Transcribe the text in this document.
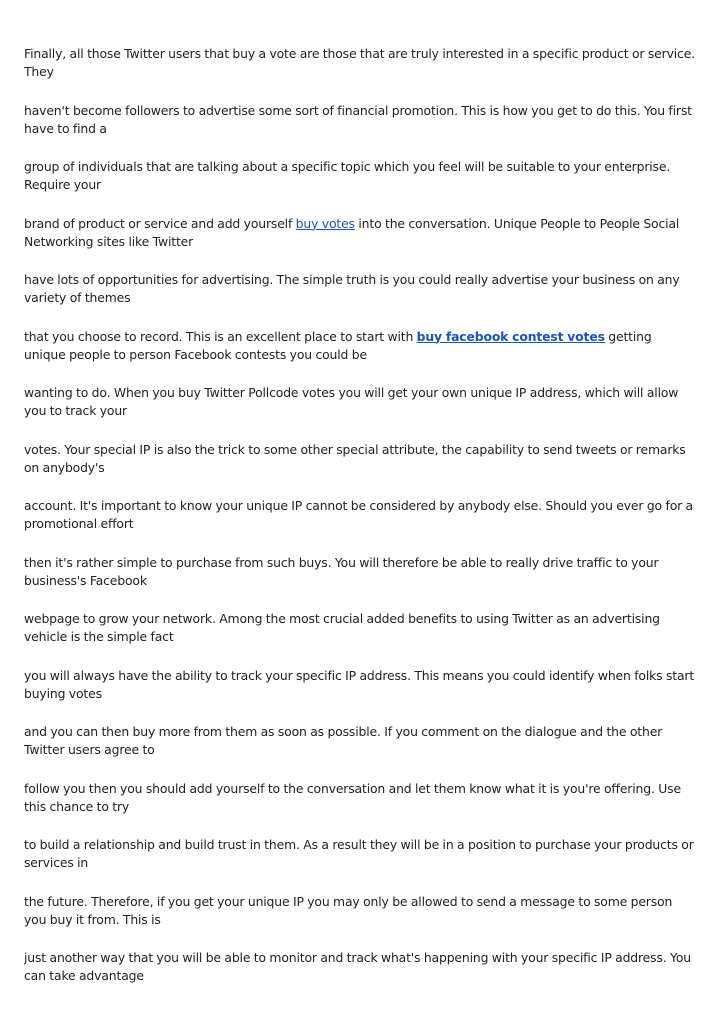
Finally, all those Twitter users that buy a vote are those that are truly interested in a specific product or service. They

haven't become followers to advertise some sort of financial promotion. This is how you get to do this. You first have to find a

group of individuals that are talking about a specific topic which you feel will be suitable to your enterprise. Require your

brand of product or service and add yourself buy votes into the conversation. Unique People to People Social Networking sites like Twitter

have lots of opportunities for advertising. The simple truth is you could really advertise your business on any variety of themes

that you choose to record. This is an excellent place to start with buy facebook contest votes getting unique people to person Facebook contests you could be

wanting to do. When you buy Twitter Pollcode votes you will get your own unique IP address, which will allow you to track your

votes. Your special IP is also the trick to some other special attribute, the capability to send tweets or remarks on anybody's

account. It's important to know your unique IP cannot be considered by anybody else. Should you ever go for a promotional effort

then it's rather simple to purchase from such buys. You will therefore be able to really drive traffic to your business's Facebook

webpage to grow your network. Among the most crucial added benefits to using Twitter as an advertising vehicle is the simple fact

you will always have the ability to track your specific IP address. This means you could identify when folks start buying votes

and you can then buy more from them as soon as possible. If you comment on the dialogue and the other Twitter users agree to

follow you then you should add yourself to the conversation and let them know what it is you're offering. Use this chance to try

to build a relationship and build trust in them. As a result they will be in a position to purchase your products or services in

the future. Therefore, if you get your unique IP you may only be allowed to send a message to some person you buy it from. This is

just another way that you will be able to monitor and track what's happening with your specific IP address. You can take advantage
